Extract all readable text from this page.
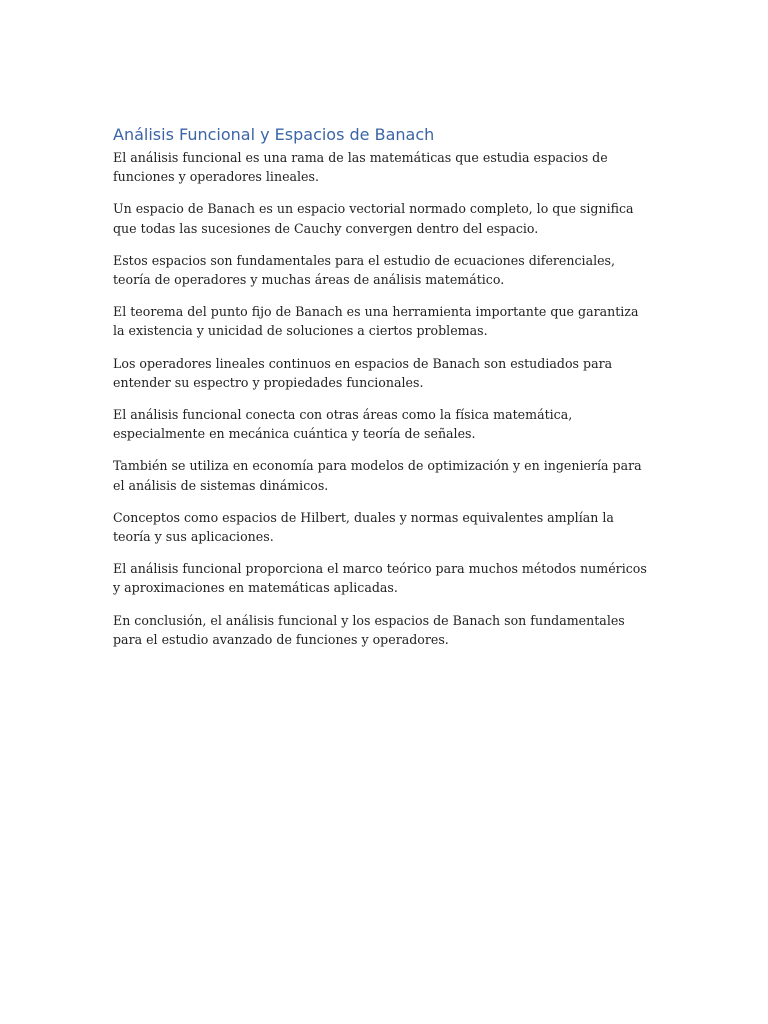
Análisis Funcional y Espacios de Banach

El análisis funcional es una rama de las matemáticas que estudia espacios de funciones y operadores lineales.

Un espacio de Banach es un espacio vectorial normado completo, lo que significa que todas las sucesiones de Cauchy convergen dentro del espacio.

Estos espacios son fundamentales para el estudio de ecuaciones diferenciales, teoría de operadores y muchas áreas de análisis matemático.

El teorema del punto fijo de Banach es una herramienta importante que garantiza la existencia y unicidad de soluciones a ciertos problemas.

Los operadores lineales continuos en espacios de Banach son estudiados para entender su espectro y propiedades funcionales.

El análisis funcional conecta con otras áreas como la física matemática, especialmente en mecánica cuántica y teoría de señales.

También se utiliza en economía para modelos de optimización y en ingeniería para el análisis de sistemas dinámicos.

Conceptos como espacios de Hilbert, duales y normas equivalentes amplían la teoría y sus aplicaciones.

El análisis funcional proporciona el marco teórico para muchos métodos numéricos y aproximaciones en matemáticas aplicadas.

En conclusión, el análisis funcional y los espacios de Banach son fundamentales para el estudio avanzado de funciones y operadores.
